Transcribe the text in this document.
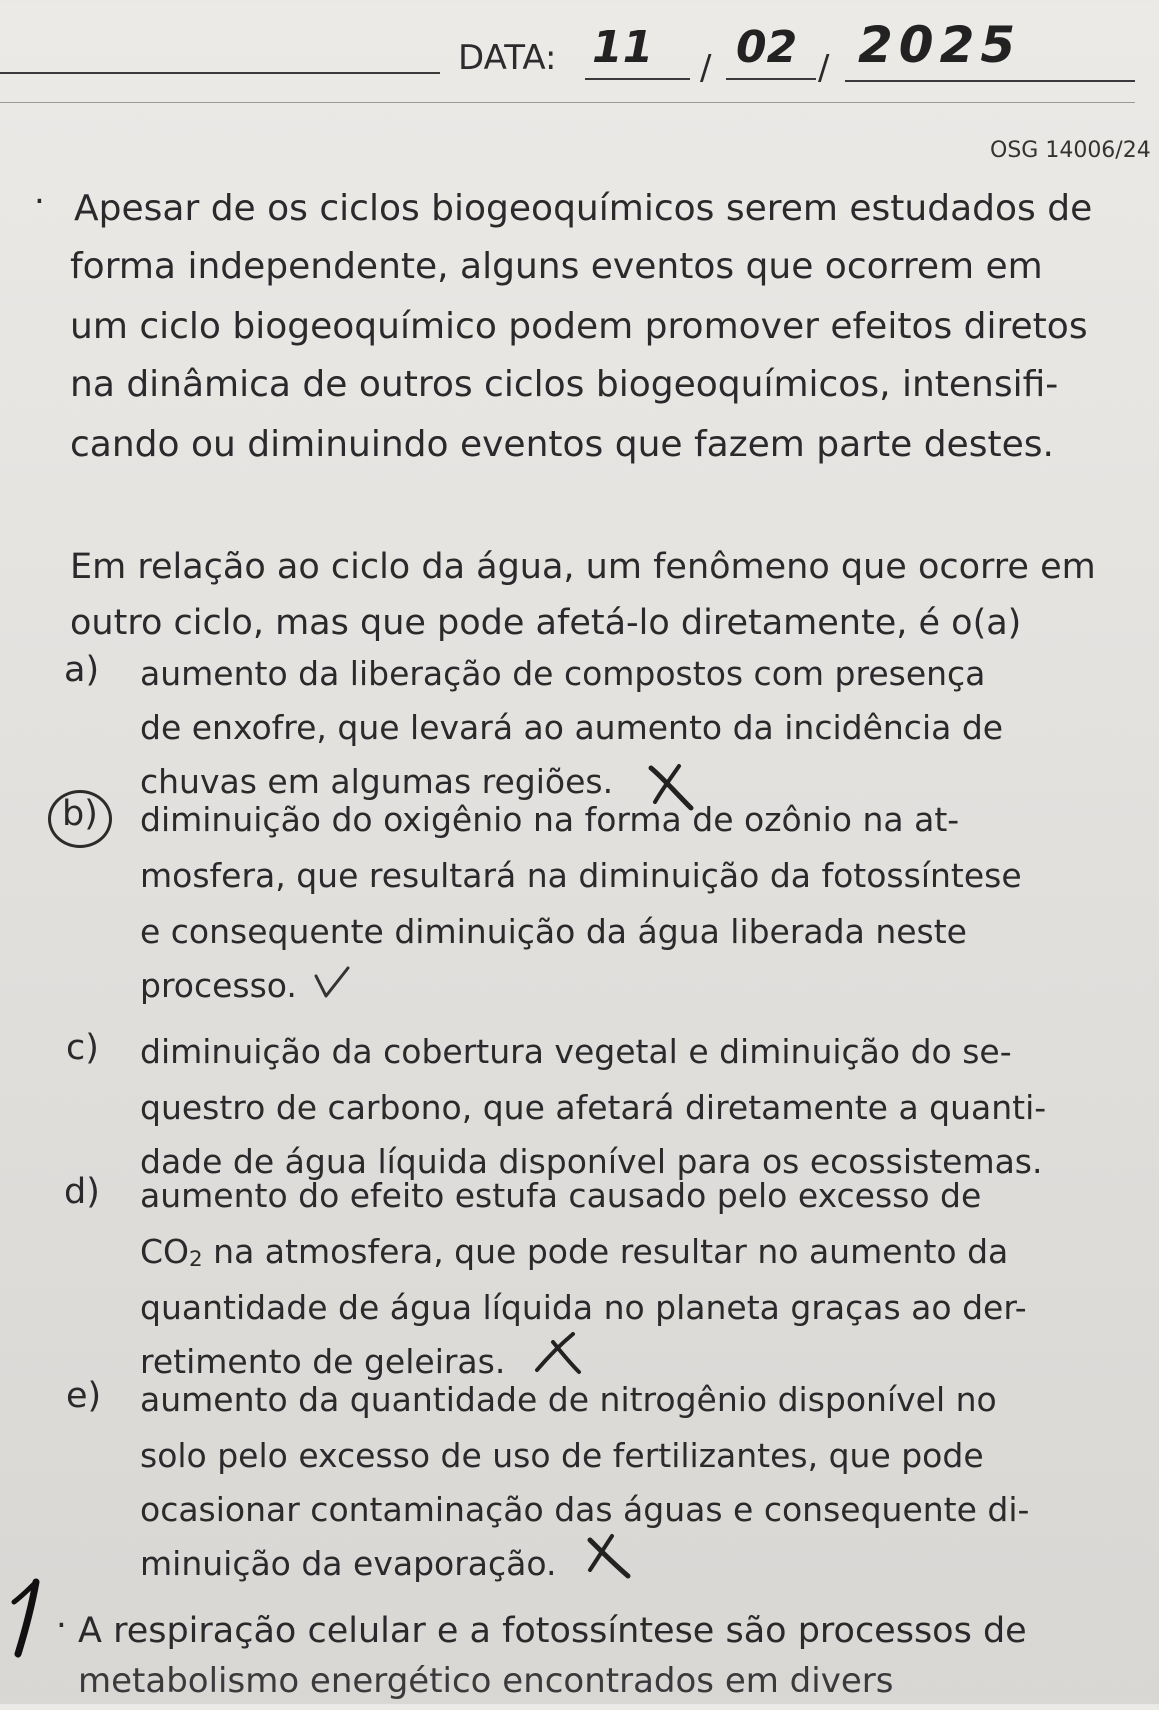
DATA: 11 / 02 / 2025
OSG 14006/24
. Apesar de os ciclos biogeoquímicos serem estudados de
forma independente, alguns eventos que ocorrem em
um ciclo biogeoquímico podem promover efeitos diretos
na dinâmica de outros ciclos biogeoquímicos, intensifi-
cando ou diminuindo eventos que fazem parte destes.
Em relação ao ciclo da água, um fenômeno que ocorre em
outro ciclo, mas que pode afetá-lo diretamente, é o(a)
a) aumento da liberação de compostos com presença
de enxofre, que levará ao aumento da incidência de
chuvas em algumas regiões.
b) diminuição do oxigênio na forma de ozônio na at-
mosfera, que resultará na diminuição da fotossíntese
e consequente diminuição da água liberada neste
processo.
c) diminuição da cobertura vegetal e diminuição do se-
questro de carbono, que afetará diretamente a quanti-
dade de água líquida disponível para os ecossistemas.
d) aumento do efeito estufa causado pelo excesso de
$CO_2$ na atmosfera, que pode resultar no aumento da
quantidade de água líquida no planeta graças ao der-
retimento de geleiras.
e) aumento da quantidade de nitrogênio disponível no
solo pelo excesso de uso de fertilizantes, que pode
ocasionar contaminação das águas e consequente di-
minuição da evaporação.
. A respiração celular e a fotossíntese são processos de
metabolismo energético encontrados em divers
